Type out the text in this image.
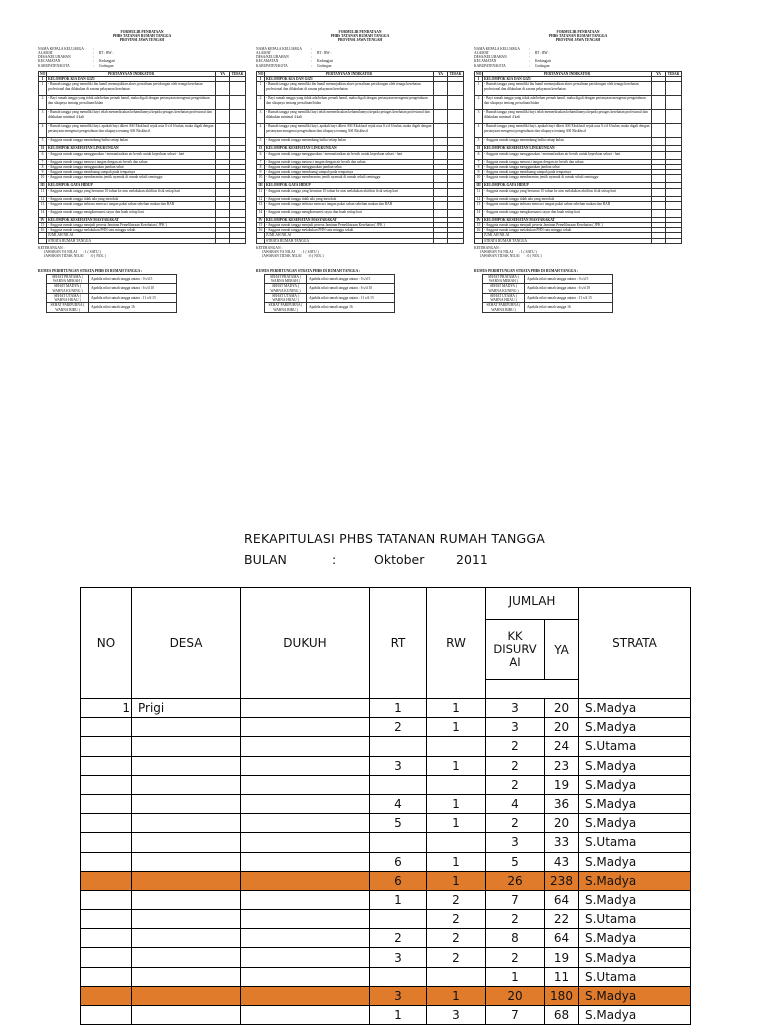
FORMULIR PENDATAAN
PHBS TATANAN RUMAH TANGGA
PROVINSI JAWA TENGAH
NAMA KEPALA KELUARGA	:
ALAMAT	:	RT : RW :
DESA/KELURAHAN	:
KECAMATAN	:	Kedungjati
KABUPATEN/KOTA	:	Grobogan
NO	PERTANYAAN INDIKATOR	YA	TIDAK
I	KELOMPOK KIA DAN GIZI		
1	- Rumah tangga yang memiliki ibu hamil menunjukkan akses persalinan pertolongan oleh tenaga kesehatan profesional dan dilakukan di sarana pelayanan kesehatan		
2	- Bayi rumah tangga yang tidak ada/belum pernah hamil, maka digali dengan pertanyaan mengenai pengetahuan dan sikapnya tentang persalinan/bidan		
3	- Rumah tangga yang memiliki bayi telah memeriksakan kehamilannya kepada petugas kesehatan profesional dan dilakukan minimal 4 kali		
4	- Rumah tangga yang memiliki bayi, apakah bayi diberi ASI Eksklusif sejak usia 0 s/d 6 bulan, maka digali dengan pertanyaan mengenai pengetahuan dan sikapnya tentang ASI Eksklusif		
5	- Anggota rumah tangga menimbang balita setiap bulan		
II	KELOMPOK KESEHATAN LINGKUNGAN		
6	- Anggota rumah tangga menggunakan / memanfaatkan air bersih untuk keperluan sehari - hari		
7	- Anggota rumah tangga mencuci tangan dengan air bersih dan sabun		
8	- Anggota rumah tangga menggunakan jamban sehat		
9	- Anggota rumah tangga membuang sampah pada tempatnya		
10	- Anggota rumah tangga memberantas jentik nyamuk di rumah sekali seminggu		
III	KELOMPOK GAYA HIDUP		
11	- Anggota rumah tangga yang berumur 10 tahun ke atas melakukan aktifitas fisik setiap hari		
12	- Anggota rumah tangga tidak ada yang merokok		
13	- Anggota rumah tangga terbiasa mencuci tangan pakai sabun sebelum makan dan BAB		
14	- Anggota rumah tangga mengkonsumsi sayur dan buah setiap hari		
IV	KELOMPOK KESEHATAN MASYARAKAT		
15	- Anggota rumah tangga menjadi peserta Jaminan Pemeliharaan Kesehatan ( JPK )		
16	- Anggota rumah tangga melakukan PHN satu minggu sekali		
	JUMLAH NILAI		
	STRATA RUMAH TANGGA		
KETERANGAN :
JAWABAN YA NILAI : 1 ( SATU )
JAWABAN TIDAK NILAI : 0 ( NOL )
RUMUS PERHITUNGAN STRATA PHBS DI RUMAH TANGGA :
SEHAT PRATAMA ( WARNA MERAH )	Apabila nilai rumah tangga antara : 0 s/d 5
SEHAT MADYA ( WARNA KUNING )	Apabila nilai rumah tangga antara : 6 s/d 10
SEHAT UTAMA ( WARNA HIJAU )	Apabila nilai rumah tangga antara : 11 s/d 15
SEHAT PARIPURNA ( WARNA BIRU )	Apabila nilai rumah tangga 16
FORMULIR PENDATAAN
PHBS TATANAN RUMAH TANGGA
PROVINSI JAWA TENGAH
NAMA KEPALA KELUARGA	:
ALAMAT	:	RT : RW :
DESA/KELURAHAN	:
KECAMATAN	:	Kedungjati
KABUPATEN/KOTA	:	Grobogan
NO	PERTANYAAN INDIKATOR	YA	TIDAK
I	KELOMPOK KIA DAN GIZI		
1	- Rumah tangga yang memiliki ibu hamil menunjukkan akses persalinan pertolongan oleh tenaga kesehatan profesional dan dilakukan di sarana pelayanan kesehatan		
2	- Bayi rumah tangga yang tidak ada/belum pernah hamil, maka digali dengan pertanyaan mengenai pengetahuan dan sikapnya tentang persalinan/bidan		
3	- Rumah tangga yang memiliki bayi telah memeriksakan kehamilannya kepada petugas kesehatan profesional dan dilakukan minimal 4 kali		
4	- Rumah tangga yang memiliki bayi, apakah bayi diberi ASI Eksklusif sejak usia 0 s/d 6 bulan, maka digali dengan pertanyaan mengenai pengetahuan dan sikapnya tentang ASI Eksklusif		
5	- Anggota rumah tangga menimbang balita setiap bulan		
II	KELOMPOK KESEHATAN LINGKUNGAN		
6	- Anggota rumah tangga menggunakan / memanfaatkan air bersih untuk keperluan sehari - hari		
7	- Anggota rumah tangga mencuci tangan dengan air bersih dan sabun		
8	- Anggota rumah tangga menggunakan jamban sehat		
9	- Anggota rumah tangga membuang sampah pada tempatnya		
10	- Anggota rumah tangga memberantas jentik nyamuk di rumah sekali seminggu		
III	KELOMPOK GAYA HIDUP		
11	- Anggota rumah tangga yang berumur 10 tahun ke atas melakukan aktifitas fisik setiap hari		
12	- Anggota rumah tangga tidak ada yang merokok		
13	- Anggota rumah tangga terbiasa mencuci tangan pakai sabun sebelum makan dan BAB		
14	- Anggota rumah tangga mengkonsumsi sayur dan buah setiap hari		
IV	KELOMPOK KESEHATAN MASYARAKAT		
15	- Anggota rumah tangga menjadi peserta Jaminan Pemeliharaan Kesehatan ( JPK )		
16	- Anggota rumah tangga melakukan PHN satu minggu sekali		
	JUMLAH NILAI		
	STRATA RUMAH TANGGA		
KETERANGAN :
JAWABAN YA NILAI : 1 ( SATU )
JAWABAN TIDAK NILAI : 0 ( NOL )
RUMUS PERHITUNGAN STRATA PHBS DI RUMAH TANGGA :
SEHAT PRATAMA ( WARNA MERAH )	Apabila nilai rumah tangga antara : 0 s/d 5
SEHAT MADYA ( WARNA KUNING )	Apabila nilai rumah tangga antara : 6 s/d 10
SEHAT UTAMA ( WARNA HIJAU )	Apabila nilai rumah tangga antara : 11 s/d 15
SEHAT PARIPURNA ( WARNA BIRU )	Apabila nilai rumah tangga 16
FORMULIR PENDATAAN
PHBS TATANAN RUMAH TANGGA
PROVINSI JAWA TENGAH
NAMA KEPALA KELUARGA	:
ALAMAT	:	RT : RW :
DESA/KELURAHAN	:
KECAMATAN	:	Kedungjati
KABUPATEN/KOTA	:	Grobogan
NO	PERTANYAAN INDIKATOR	YA	TIDAK
I	KELOMPOK KIA DAN GIZI		
1	- Rumah tangga yang memiliki ibu hamil menunjukkan akses persalinan pertolongan oleh tenaga kesehatan profesional dan dilakukan di sarana pelayanan kesehatan		
2	- Bayi rumah tangga yang tidak ada/belum pernah hamil, maka digali dengan pertanyaan mengenai pengetahuan dan sikapnya tentang persalinan/bidan		
3	- Rumah tangga yang memiliki bayi telah memeriksakan kehamilannya kepada petugas kesehatan profesional dan dilakukan minimal 4 kali		
4	- Rumah tangga yang memiliki bayi, apakah bayi diberi ASI Eksklusif sejak usia 0 s/d 6 bulan, maka digali dengan pertanyaan mengenai pengetahuan dan sikapnya tentang ASI Eksklusif		
5	- Anggota rumah tangga menimbang balita setiap bulan		
II	KELOMPOK KESEHATAN LINGKUNGAN		
6	- Anggota rumah tangga menggunakan / memanfaatkan air bersih untuk keperluan sehari - hari		
7	- Anggota rumah tangga mencuci tangan dengan air bersih dan sabun		
8	- Anggota rumah tangga menggunakan jamban sehat		
9	- Anggota rumah tangga membuang sampah pada tempatnya		
10	- Anggota rumah tangga memberantas jentik nyamuk di rumah sekali seminggu		
III	KELOMPOK GAYA HIDUP		
11	- Anggota rumah tangga yang berumur 10 tahun ke atas melakukan aktifitas fisik setiap hari		
12	- Anggota rumah tangga tidak ada yang merokok		
13	- Anggota rumah tangga terbiasa mencuci tangan pakai sabun sebelum makan dan BAB		
14	- Anggota rumah tangga mengkonsumsi sayur dan buah setiap hari		
IV	KELOMPOK KESEHATAN MASYARAKAT		
15	- Anggota rumah tangga menjadi peserta Jaminan Pemeliharaan Kesehatan ( JPK )		
16	- Anggota rumah tangga melakukan PHN satu minggu sekali		
	JUMLAH NILAI		
	STRATA RUMAH TANGGA		
KETERANGAN :
JAWABAN YA NILAI : 1 ( SATU )
JAWABAN TIDAK NILAI : 0 ( NOL )
RUMUS PERHITUNGAN STRATA PHBS DI RUMAH TANGGA :
SEHAT PRATAMA ( WARNA MERAH )	Apabila nilai rumah tangga antara : 0 s/d 5
SEHAT MADYA ( WARNA KUNING )	Apabila nilai rumah tangga antara : 6 s/d 10
SEHAT UTAMA ( WARNA HIJAU )	Apabila nilai rumah tangga antara : 11 s/d 15
SEHAT PARIPURNA ( WARNA BIRU )	Apabila nilai rumah tangga 16
REKAPITULASI PHBS TATANAN RUMAH TANGGA
BULAN	:	Oktober	2011
NO	DESA	DUKUH	RT	RW	JUMLAH		STRATA
					KK DISURV AI	YA	

1	Prigi		1	1	3	20	S.Madya
			2	1	3	20	S.Madya
					2	24	S.Utama
			3	1	2	23	S.Madya
					2	19	S.Madya
			4	1	4	36	S.Madya
			5	1	2	20	S.Madya
					3	33	S.Utama
			6	1	5	43	S.Madya
			6	1	26	238	S.Madya
			1	2	7	64	S.Madya
				2	2	22	S.Utama
			2	2	8	64	S.Madya
			3	2	2	19	S.Madya
					1	11	S.Utama
			3	1	20	180	S.Madya
			1	3	7	68	S.Madya
